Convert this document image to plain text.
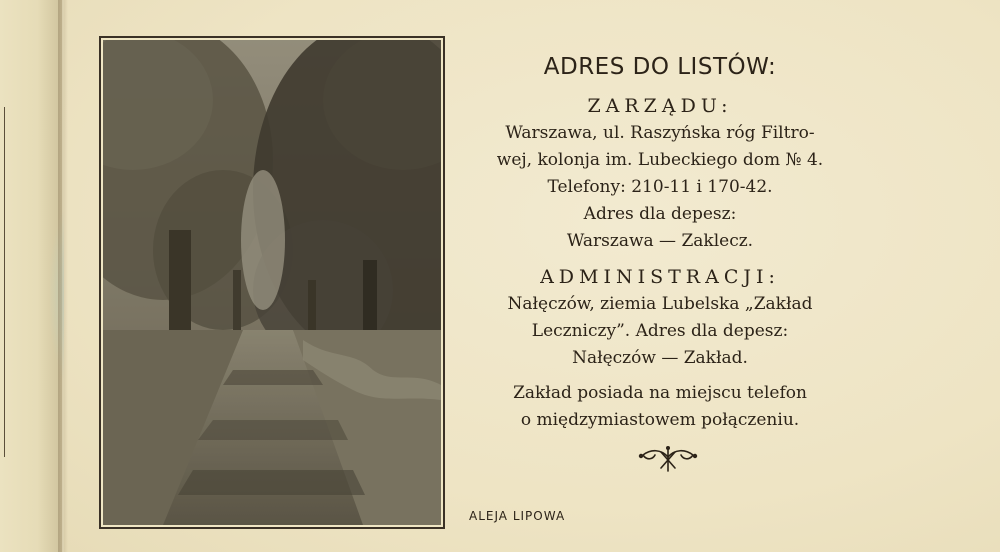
ADRES DO LISTÓW:
ZARZĄDU:
Warszawa, ul. Raszyńska róg Filtro-
wej, kolonja im. Lubeckiego dom № 4.
Telefony: 210-11 i 170-42.
Adres dla depesz:
Warszawa — Zaklecz.
ADMINISTRACJI:
Nałęczów, ziemia Lubelska „Zakład
Leczniczy”. Adres dla depesz:
Nałęczów — Zakład.
Zakład posiada na miejscu telefon
o międzymiastowem połączeniu.
ALEJA LIPOWA
